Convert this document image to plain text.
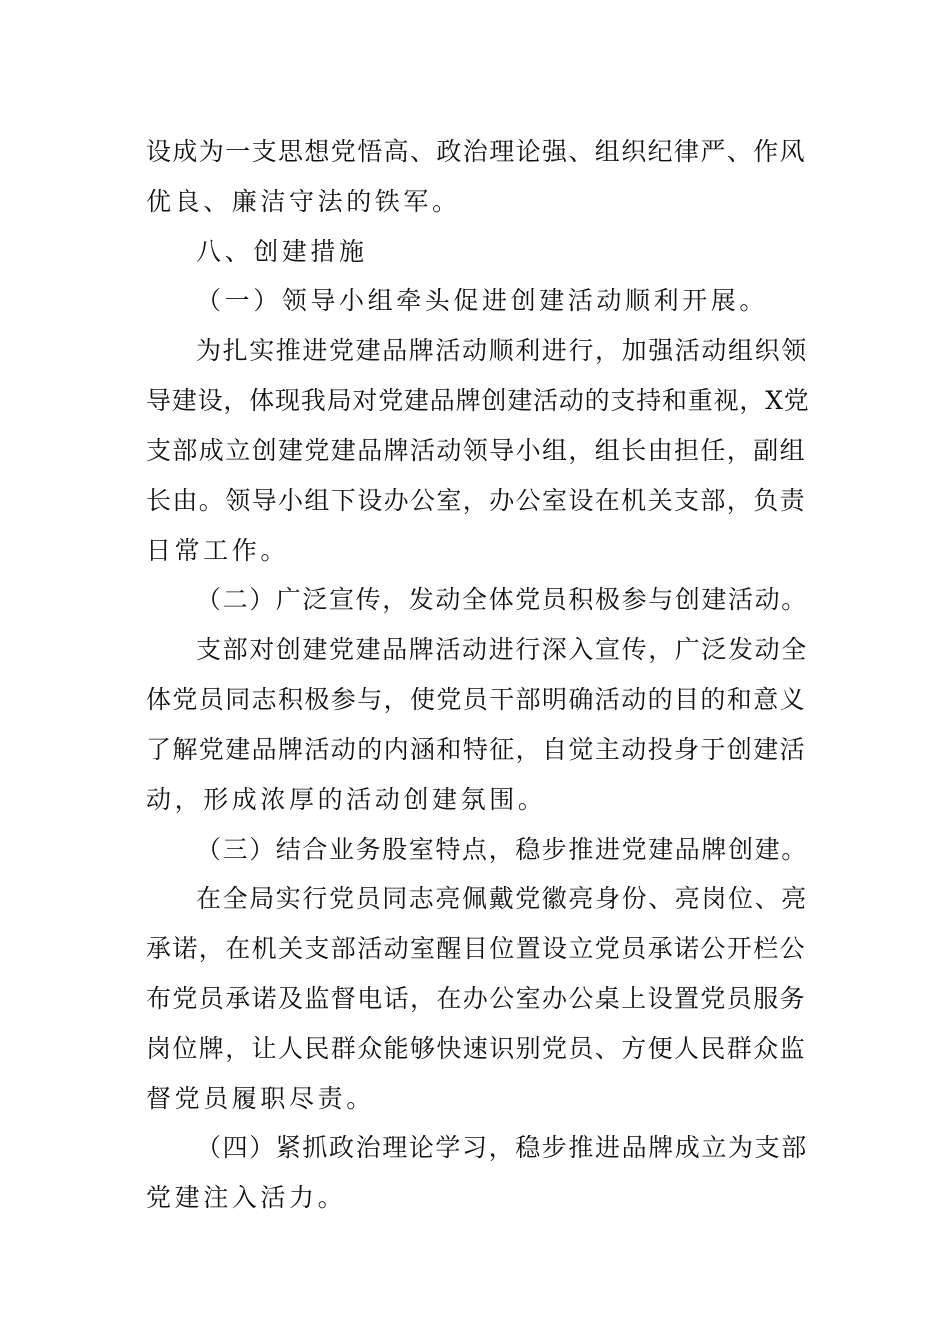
设成为一支思想党悟高、政治理论强、组织纪律严、作风
优良、廉洁守法的铁军。
八、创建措施
（一）领导小组牵头促进创建活动顺利开展。
为扎实推进党建品牌活动顺利进行，加强活动组织领
导建设，体现我局对党建品牌创建活动的支持和重视，X党
支部成立创建党建品牌活动领导小组，组长由担任，副组
长由。领导小组下设办公室，办公室设在机关支部，负责
日常工作。
（二）广泛宣传，发动全体党员积极参与创建活动。
支部对创建党建品牌活动进行深入宣传，广泛发动全
体党员同志积极参与，使党员干部明确活动的目的和意义
了解党建品牌活动的内涵和特征，自觉主动投身于创建活
动，形成浓厚的活动创建氛围。
（三）结合业务股室特点，稳步推进党建品牌创建。
在全局实行党员同志亮佩戴党徽亮身份、亮岗位、亮
承诺，在机关支部活动室醒目位置设立党员承诺公开栏公
布党员承诺及监督电话，在办公室办公桌上设置党员服务
岗位牌，让人民群众能够快速识别党员、方便人民群众监
督党员履职尽责。
（四）紧抓政治理论学习，稳步推进品牌成立为支部
党建注入活力。
